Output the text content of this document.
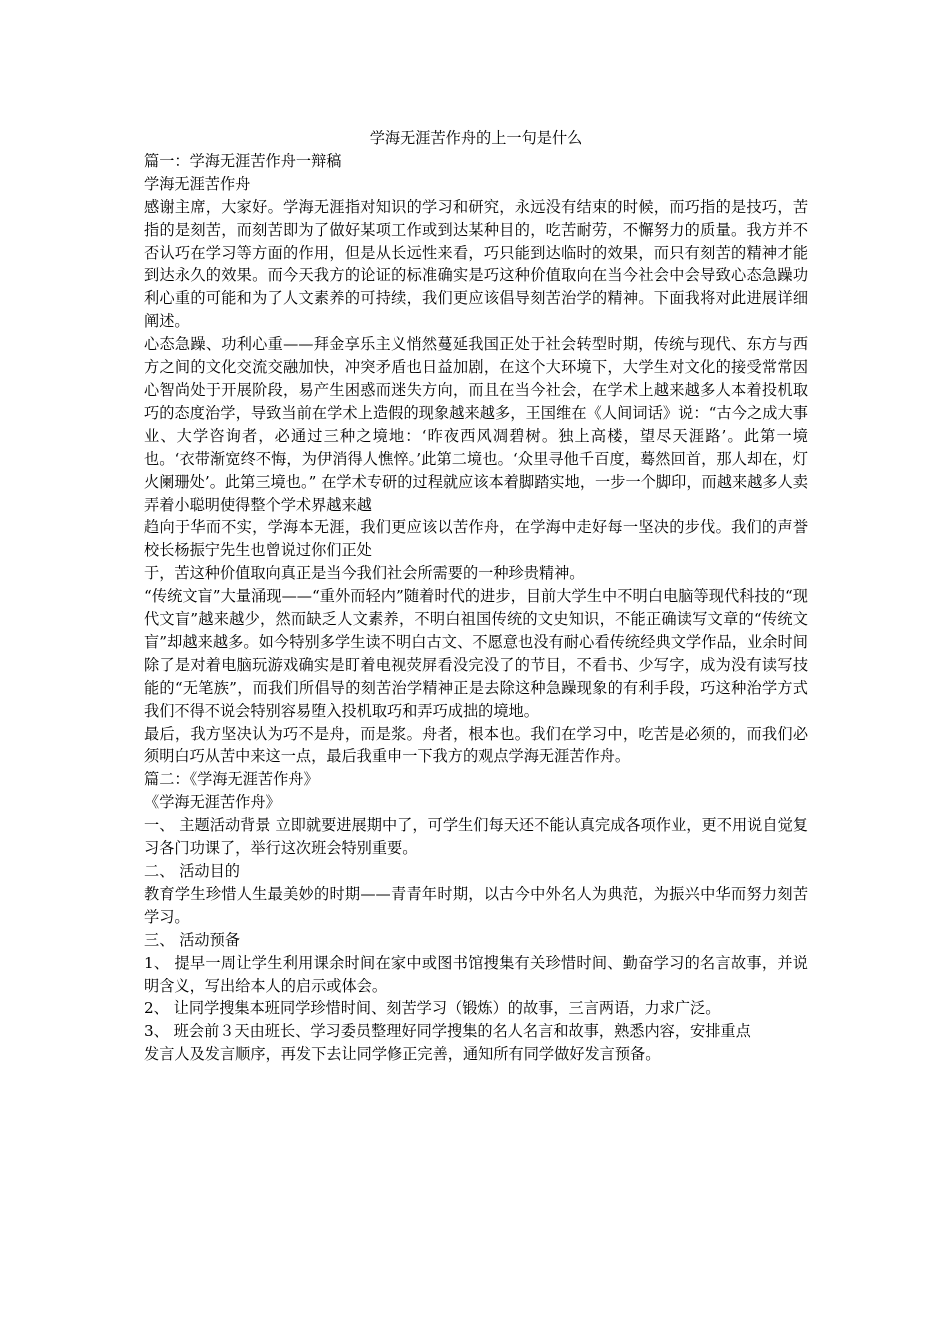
学海无涯苦作舟的上一句是什么

篇一：学海无涯苦作舟一辩稿

学海无涯苦作舟

感谢主席，大家好。学海无涯指对知识的学习和研究，永远没有结束的时候，而巧指的是技巧，苦指的是刻苦，而刻苦即为了做好某项工作或到达某种目的，吃苦耐劳，不懈努力的质量。我方并不否认巧在学习等方面的作用，但是从长远性来看，巧只能到达临时的效果，而只有刻苦的精神才能到达永久的效果。而今天我方的论证的标准确实是巧这种价值取向在当今社会中会导致心态急躁功利心重的可能和为了人文素养的可持续，我们更应该倡导刻苦治学的精神。下面我将对此进展详细阐述。

心态急躁、功利心重——拜金享乐主义悄然蔓延我国正处于社会转型时期，传统与现代、东方与西方之间的文化交流交融加快，冲突矛盾也日益加剧，在这个大环境下，大学生对文化的接受常常因心智尚处于开展阶段，易产生困惑而迷失方向，而且在当今社会，在学术上越来越多人本着投机取巧的态度治学，导致当前在学术上造假的现象越来越多，王国维在《人间词话》说：“古今之成大事业、大学咨询者，必通过三种之境地：‘昨夜西风凋碧树。独上高楼，望尽天涯路’。此第一境也。‘衣带渐宽终不悔，为伊消得人憔悴。’此第二境也。‘众里寻他千百度，蓦然回首，那人却在，灯火阑珊处’。此第三境也。” 在学术专研的过程就应该本着脚踏实地，一步一个脚印，而越来越多人卖弄着小聪明使得整个学术界越来越

趋向于华而不实，学海本无涯，我们更应该以苦作舟，在学海中走好每一坚决的步伐。我们的声誉校长杨振宁先生也曾说过你们正处

于，苦这种价值取向真正是当今我们社会所需要的一种珍贵精神。

“传统文盲”大量涌现——“重外而轻内”随着时代的进步，目前大学生中不明白电脑等现代科技的“现代文盲”越来越少，然而缺乏人文素养，不明白祖国传统的文史知识，不能正确读写文章的“传统文盲”却越来越多。如今特别多学生读不明白古文、不愿意也没有耐心看传统经典文学作品，业余时间除了是对着电脑玩游戏确实是盯着电视荧屏看没完没了的节目，不看书、少写字，成为没有读写技能的“无笔族”，而我们所倡导的刻苦治学精神正是去除这种急躁现象的有利手段，巧这种治学方式我们不得不说会特别容易堕入投机取巧和弄巧成拙的境地。

最后，我方坚决认为巧不是舟，而是浆。舟者，根本也。我们在学习中，吃苦是必须的，而我们必须明白巧从苦中来这一点，最后我重申一下我方的观点学海无涯苦作舟。

篇二：《学海无涯苦作舟》

《学海无涯苦作舟》

一、 主题活动背景 立即就要进展期中了，可学生们每天还不能认真完成各项作业，更不用说自觉复习各门功课了，举行这次班会特别重要。

二、 活动目的

教育学生珍惜人生最美妙的时期——青青年时期，以古今中外名人为典范，为振兴中华而努力刻苦学习。

三、 活动预备

1、 提早一周让学生利用课余时间在家中或图书馆搜集有关珍惜时间、勤奋学习的名言故事，并说明含义，写出给本人的启示或体会。

2、 让同学搜集本班同学珍惜时间、刻苦学习（锻炼）的故事，三言两语，力求广泛。

3、 班会前３天由班长、学习委员整理好同学搜集的名人名言和故事，熟悉内容，安排重点

发言人及发言顺序，再发下去让同学修正完善，通知所有同学做好发言预备。
